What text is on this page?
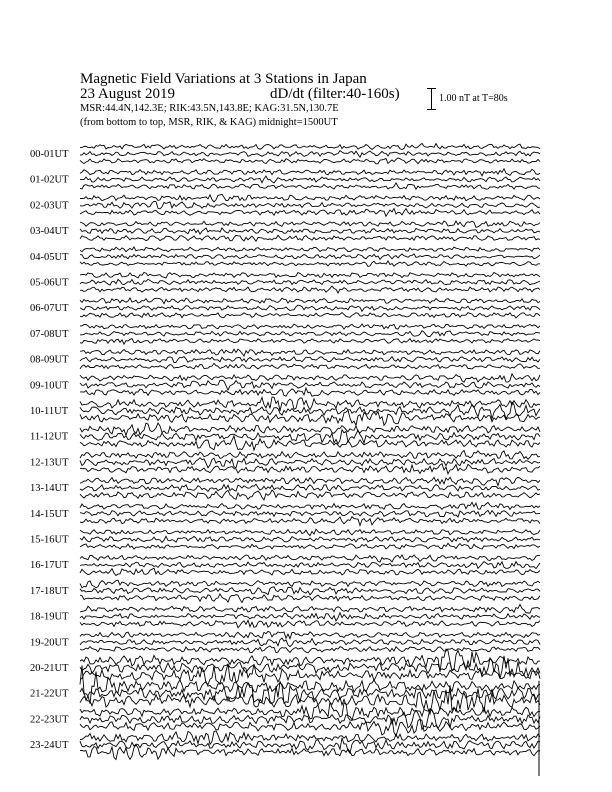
Magnetic Field Variations at 3 Stations in Japan
23 August 2019	dD/dt (filter:40-160s)
MSR:44.4N,142.3E; RIK:43.5N,143.8E; KAG:31.5N,130.7E
(from bottom to top, MSR, RIK, & KAG) midnight=1500UT
1.00 nT at T=80s
00-01UT
01-02UT
02-03UT
03-04UT
04-05UT
05-06UT
06-07UT
07-08UT
08-09UT
09-10UT
10-11UT
11-12UT
12-13UT
13-14UT
14-15UT
15-16UT
16-17UT
17-18UT
18-19UT
19-20UT
20-21UT
21-22UT
22-23UT
23-24UT
